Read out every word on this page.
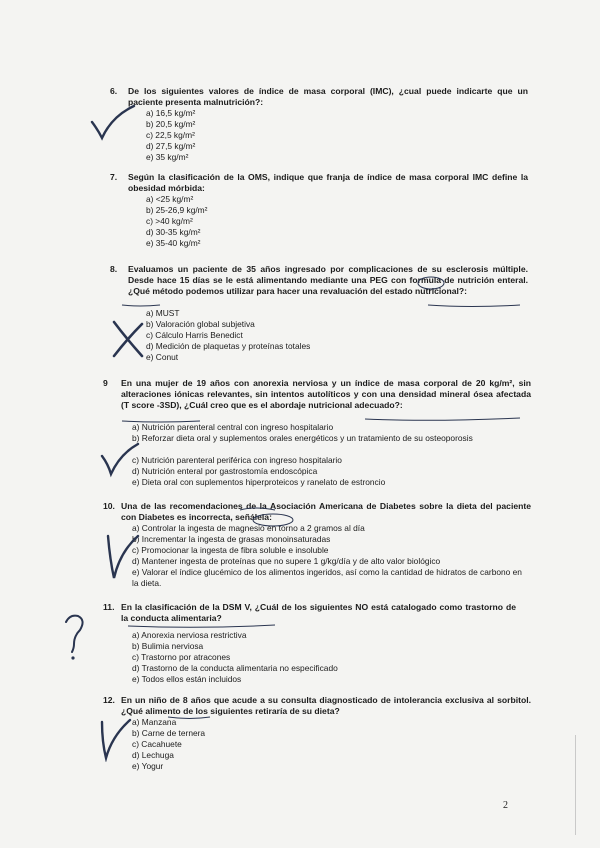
6. De los siguientes valores de índice de masa corporal (IMC), ¿cual puede indicarte que un paciente presenta malnutrición?:
a) 16,5 kg/m²
b) 20,5 kg/m²
c) 22,5 kg/m²
d) 27,5 kg/m²
e) 35 kg/m²
7. Según la clasificación de la OMS, indique que franja de índice de masa corporal IMC define la obesidad mórbida:
a) <25 kg/m²
b) 25-26,9 kg/m²
c) >40 kg/m²
d) 30-35 kg/m²
e) 35-40 kg/m²
8. Evaluamos un paciente de 35 años ingresado por complicaciones de su esclerosis múltiple. Desde hace 15 días se le está alimentando mediante una PEG con formula de nutrición enteral. ¿Qué método podemos utilizar para hacer una revaluación del estado nutricional?:
a) MUST
b) Valoración global subjetiva
c) Cálculo Harris Benedict
d) Medición de plaquetas y proteínas totales
e) Conut
9 En una mujer de 19 años con anorexia nerviosa y un índice de masa corporal de 20 kg/m², sin alteraciones iónicas relevantes, sin intentos autolíticos y con una densidad mineral ósea afectada (T score -3SD), ¿Cuál creo que es el abordaje nutricional adecuado?:
a) Nutrición parenteral central con ingreso hospitalario
b) Reforzar dieta oral y suplementos orales energéticos y un tratamiento de su osteoporosis
c) Nutrición parenteral periférica con ingreso hospitalario
d) Nutrición enteral por gastrostomía endoscópica
e) Dieta oral con suplementos hiperproteicos y ranelato de estroncio
10. Una de las recomendaciones de la Asociación Americana de Diabetes sobre la dieta del paciente con Diabetes es incorrecta, señálela:
a) Controlar la ingesta de magnesio en torno a 2 gramos al día
b) Incrementar la ingesta de grasas monoinsaturadas
c) Promocionar la ingesta de fibra soluble e insoluble
d) Mantener ingesta de proteínas que no supere 1 g/kg/día y de alto valor biológico
e) Valorar el índice glucémico de los alimentos ingeridos, así como la cantidad de hidratos de carbono en la dieta.
11. En la clasificación de la DSM V, ¿Cuál de los siguientes NO está catalogado como trastorno de la conducta alimentaria?
a) Anorexia nerviosa restrictiva
b) Bulimia nerviosa
c) Trastorno por atracones
d) Trastorno de la conducta alimentaria no especificado
e) Todos ellos están incluidos
12. En un niño de 8 años que acude a su consulta diagnosticado de intolerancia exclusiva al sorbitol. ¿Qué alimento de los siguientes retiraría de su dieta?
a) Manzana
b) Carne de ternera
c) Cacahuete
d) Lechuga
e) Yogur
2
